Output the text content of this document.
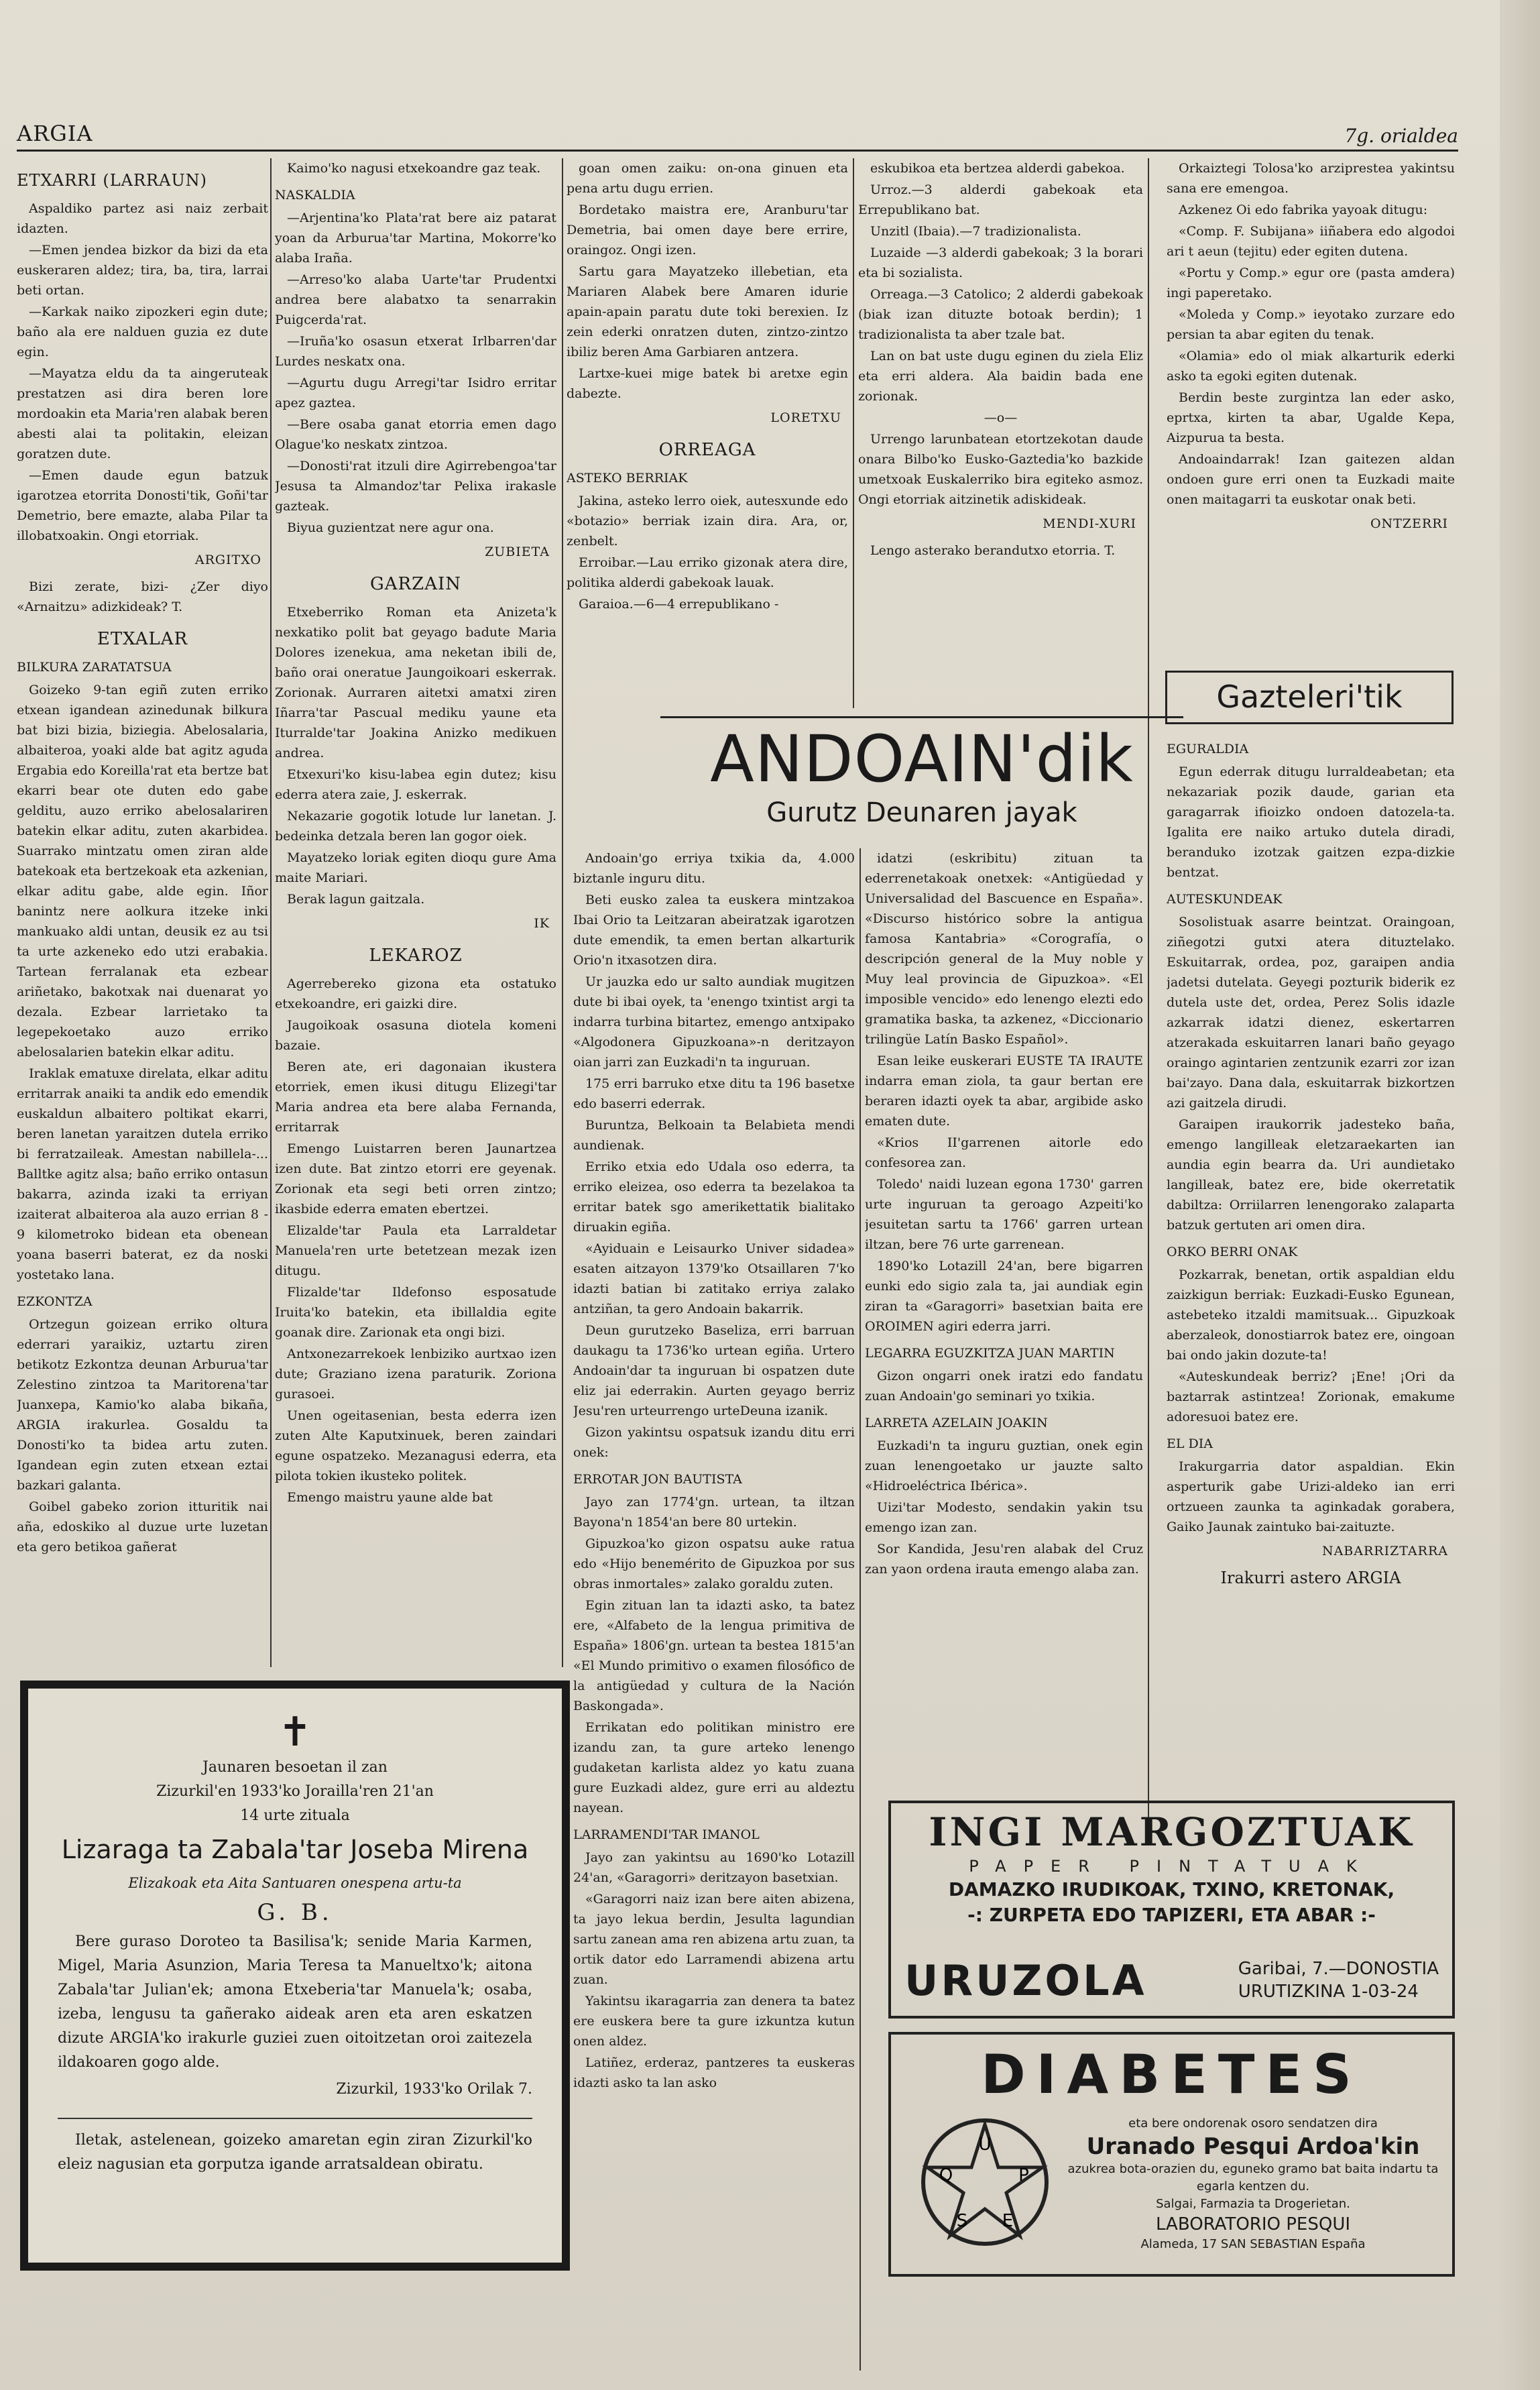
ARGIA	7g. orialdea

ETXARRI (LARRAUN)

Aspaldiko partez asi naiz zerbait idazten.

—Emen jendea bizkor da bizi da eta euskeraren aldez; tira, ba, tira, larrai beti ortan.

—Karkak naiko zipozkeri egin dute; baño ala ere nalduen guzia ez dute egin.

—Mayatza eldu da ta aingeruteak prestatzen asi dira beren lore mordoakin eta Maria'ren alabak beren abesti alai ta politakin, eleizan goratzen dute.

—Emen daude egun batzuk igarotzea etorrita Donosti'tik, Goñi'tar Demetrio, bere emazte, alaba Pilar ta illobatxoakin. Ongi etorriak.

ARGITXO

Bizi zerate, bizi- ¿Zer diyo «Arnaitzu» adizkideak? T.

ETXALAR

BILKURA ZARATATSUA

Goizeko 9-tan egiñ zuten erriko etxean igandean azinedunak bilkura bat bizi bizia, biziegia. Abelosalaria, albaiteroa, yoaki alde bat agitz aguda Ergabia edo Koreilla'rat eta bertze bat ekarri bear ote duten edo gabe gelditu, auzo erriko abelosalariren batekin elkar aditu, zuten akarbidea. Suarrako mintzatu omen ziran alde batekoak eta bertzekoak eta azkenian, elkar aditu gabe, alde egin. Iñor banintz nere aolkura itzeke inki mankuako aldi untan, deusik ez au tsi ta urte azkeneko edo utzi erabakia. Tartean ferralanak eta ezbear ariñetako, bakotxak nai duenarat yo dezala. Ezbear larrietako ta legepekoetako auzo erriko abelosalarien batekin elkar aditu.

Iraklak ematuxe direlata, elkar aditu erritarrak anaiki ta andik edo emendik euskaldun albaitero poltikat ekarri, beren lanetan yaraitzen dutela erriko bi ferratzaileak. Amestan nabillela-... Balltke agitz alsa; baño erriko ontasun bakarra, azinda izaki ta erriyan izaiterat albaiteroa ala auzo errian 8 - 9 kilometroko bidean eta obenean yoana baserri baterat, ez da noski yostetako lana.

EZKONTZA

Ortzegun goizean erriko oltura ederrari yaraikiz, uztartu ziren betikotz Ezkontza deunan Arburua'tar Zelestino zintzoa ta Maritorena'tar Juanxepa, Kamio'ko alaba bikaña, ARGIA irakurlea. Gosaldu ta Donosti'ko ta bidea artu zuten. Igandean egin zuten etxean eztai bazkari galanta.

Goibel gabeko zorion itturitik nai aña, edoskiko al duzue urte luzetan eta gero betikoa gañerat

Kaimo'ko nagusi etxekoandre gaz teak.

NASKALDIA

—Arjentina'ko Plata'rat bere aiz patarat yoan da Arburua'tar Martina, Mokorre'ko alaba Iraña.

—Arreso'ko alaba Uarte'tar Prudentxi andrea bere alabatxo ta senarrakin Puigcerda'rat.

—Iruña'ko osasun etxerat Irlbarren'dar Lurdes neskatx ona.

—Agurtu dugu Arregi'tar Isidro erritar apez gaztea.

—Bere osaba ganat etorria emen dago Olague'ko neskatx zintzoa.

—Donosti'rat itzuli dire Agirrebengoa'tar Jesusa ta Almandoz'tar Pelixa irakasle gazteak.

Biyua guzientzat nere agur ona.

ZUBIETA

GARZAIN

Etxeberriko Roman eta Anizeta'k nexkatiko polit bat geyago badute Maria Dolores izenekua, ama neketan ibili de, baño orai oneratue Jaungoikoari eskerrak. Zorionak. Aurraren aitetxi amatxi ziren Iñarra'tar Pascual mediku yaune eta Iturralde'tar Joakina Anizko medikuen andrea.

Etxexuri'ko kisu-labea egin dutez; kisu ederra atera zaie, J. eskerrak.

Nekazarie gogotik lotude lur lanetan. J. bedeinka detzala beren lan gogor oiek.

Mayatzeko loriak egiten dioqu gure Ama maite Mariari.

Berak lagun gaitzala.

IK

LEKAROZ

Agerrebereko gizona eta ostatuko etxekoandre, eri gaizki dire.

Jaugoikoak osasuna diotela komeni bazaie.

Beren ate, eri dagonaian ikustera etorriek, emen ikusi ditugu Elizegi'tar Maria andrea eta bere alaba Fernanda, erritarrak

Emengo Luistarren beren Jaunartzea izen dute. Bat zintzo etorri ere geyenak. Zorionak eta segi beti orren zintzo; ikasbide ederra ematen ebertzei.

Elizalde'tar Paula eta Larraldetar Manuela'ren urte betetzean mezak izen ditugu.

Flizalde'tar Ildefonso esposatude Iruita'ko batekin, eta ibillaldia egite goanak dire. Zarionak eta ongi bizi.

Antxonezarrekoek lenbiziko aurtxao izen dute; Graziano izena paraturik. Zoriona gurasoei.

Unen ogeitasenian, besta ederra izen zuten Alte Kaputxinuek, beren zaindari egune ospatzeko. Mezanagusi ederra, eta pilota tokien ikusteko politek.

Emengo maistru yaune alde bat

goan omen zaiku: on-ona ginuen eta pena artu dugu errien.

Bordetako maistra ere, Aranburu'tar Demetria, bai omen daye bere errire, oraingoz. Ongi izen.

Sartu gara Mayatzeko illebetian, eta Mariaren Alabek bere Amaren idurie apain-apain paratu dute toki berexien. Iz zein ederki onratzen duten, zintzo-zintzo ibiliz beren Ama Garbiaren antzera.

Lartxe-kuei mige batek bi aretxe egin dabezte.

LORETXU

ORREAGA

ASTEKO BERRIAK

Jakina, asteko lerro oiek, autesxunde edo «botazio» berriak izain dira. Ara, or, zenbelt.

Erroibar.—Lau erriko gizonak atera dire, politika alderdi gabekoak lauak.

Garaioa.—6—4 errepublikano -

eskubikoa eta bertzea alderdi gabekoa.

Urroz.—3 alderdi gabekoak eta Errepublikano bat.

Unzitl (Ibaia).—7 tradizionalista.

Luzaide —3 alderdi gabekoak; 3 la borari eta bi sozialista.

Orreaga.—3 Catolico; 2 alderdi gabekoak (biak izan dituzte botoak berdin); 1 tradizionalista ta aber tzale bat.

Lan on bat uste dugu eginen du ziela Eliz eta erri aldera. Ala baidin bada ene zorionak.

—o—

Urrengo larunbatean etortzekotan daude onara Bilbo'ko Eusko-Gaztedia'ko bazkide umetxoak Euskalerriko bira egiteko asmoz. Ongi etorriak aitzinetik adiskideak.

MENDI-XURI

Lengo asterako berandutxo etorria. T.

Orkaiztegi Tolosa'ko arziprestea yakintsu sana ere emengoa.

Azkenez Oi edo fabrika yayoak ditugu:

«Comp. F. Subijana» iiñabera edo algodoi ari t aeun (tejitu) eder egiten dutena.

«Portu y Comp.» egur ore (pasta amdera) ingi paperetako.

«Moleda y Comp.» ieyotako zurzare edo persian ta abar egiten du tenak.

«Olamia» edo ol miak alkarturik ederki asko ta egoki egiten dutenak.

Berdin beste zurgintza lan eder asko, eprtxa, kirten ta abar, Ugalde Kepa, Aizpurua ta besta.

Andoaindarrak! Izan gaitezen aldan ondoen gure erri onen ta Euzkadi maite onen maitagarri ta euskotar onak beti.

ONTZERRI

Gazteleri'tik

EGURALDIA

Egun ederrak ditugu lurraldeabetan; eta nekazariak pozik daude, garian eta garagarrak ifioizko ondoen datozela-ta. Igalita ere naiko artuko dutela diradi, beranduko izotzak gaitzen ezpa-dizkie bentzat.

AUTESKUNDEAK

Sosolistuak asarre beintzat. Oraingoan, ziñegotzi gutxi atera dituztelako. Eskuitarrak, ordea, poz, garaipen andia jadetsi dutelata. Geyegi pozturik biderik ez dutela uste det, ordea, Perez Solis idazle azkarrak idatzi dienez, eskertarren atzerakada eskuitarren lanari baño geyago oraingo agintarien zentzunik ezarri zor izan bai'zayo. Dana dala, eskuitarrak bizkortzen azi gaitzela dirudi.

Garaipen iraukorrik jadesteko baña, emengo langilleak eletzaraekarten ian aundia egin bearra da. Uri aundietako langilleak, batez ere, bide okerretatik dabiltza: Orriilarren lenengorako zalaparta batzuk gertuten ari omen dira.

ORKO BERRI ONAK

Pozkarrak, benetan, ortik aspaldian eldu zaizkigun berriak: Euzkadi-Eusko Egunean, astebeteko itzaldi mamitsuak... Gipuzkoak aberzaleok, donostiarrok batez ere, oingoan bai ondo jakin dozute-ta!

«Auteskundeak berriz? ¡Ene! ¡Ori da baztarrak astintzea! Zorionak, emakume adoresuoi batez ere.

EL DIA

Irakurgarria dator aspaldian. Ekin asperturik gabe Urizi-aldeko ian erri ortzueen zaunka ta aginkadak gorabera, Gaiko Jaunak zaintuko bai-zaituzte.

NABARRIZTARRA

Irakurri astero ARGIA

ANDOAIN'dik
Gurutz Deunaren jayak

Andoain'go erriya txikia da, 4.000 biztanle inguru ditu.

Beti eusko zalea ta euskera mintzakoa Ibai Orio ta Leitzaran abeiratzak igarotzen dute emendik, ta emen bertan alkarturik Orio'n itxasotzen dira.

Ur jauzka edo ur salto aundiak mugitzen dute bi ibai oyek, ta 'enengo txintist argi ta indarra turbina bitartez, emengo antxipako «Algodonera Gipuzkoana»-n deritzayon oian jarri zan Euzkadi'n ta inguruan.

175 erri barruko etxe ditu ta 196 basetxe edo baserri ederrak.

Buruntza, Belkoain ta Belabieta mendi aundienak.

Erriko etxia edo Udala oso ederra, ta erriko eleizea, oso ederra ta bezelakoa ta erritar batek sgo amerikettatik bialitako diruakin egiña.

«Ayiduain e Leisaurko Univer sidadea» esaten aitzayon 1379'ko Otsaillaren 7'ko idazti batian bi zatitako erriya zalako antziñan, ta gero Andoain bakarrik.

Deun gurutzeko Baseliza, erri barruan daukagu ta 1736'ko urtean egiña. Urtero Andoain'dar ta inguruan bi ospatzen dute eliz jai ederrakin. Aurten geyago berriz Jesu'ren urteurrengo urteDeuna izanik.

Gizon yakintsu ospatsuk izandu ditu erri onek:

ERROTAR JON BAUTISTA

Jayo zan 1774'gn. urtean, ta iltzan Bayona'n 1854'an bere 80 urtekin.

Gipuzkoa'ko gizon ospatsu auke ratua edo «Hijo benemérito de Gipuzkoa por sus obras inmortales» zalako goraldu zuten.

Egin zituan lan ta idazti asko, ta batez ere, «Alfabeto de la lengua primitiva de España» 1806'gn. urtean ta bestea 1815'an «El Mundo primitivo o examen filosófico de la antigüedad y cultura de la Nación Baskongada».

Errikatan edo politikan ministro ere izandu zan, ta gure arteko lenengo gudaketan karlista aldez yo katu zuana gure Euzkadi aldez, gure erri au aldeztu nayean.

LARRAMENDI'TAR IMANOL

Jayo zan yakintsu au 1690'ko Lotazill 24'an, «Garagorri» deritzayon basetxian.

«Garagorri naiz izan bere aiten abizena, ta jayo lekua berdin, Jesulta lagundian sartu zanean ama ren abizena artu zuan, ta ortik dator edo Larramendi abizena artu zuan.

Yakintsu ikaragarria zan denera ta batez ere euskera bere ta gure izkuntza kutun onen aldez.

Latiñez, erderaz, pantzeres ta euskeras idazti asko ta lan asko

idatzi (eskribitu) zituan ta ederrenetakoak onetxek: «Antigüedad y Universalidad del Bascuence en España». «Discurso histórico sobre la antigua famosa Kantabria» «Corografía, o descripción general de la Muy noble y Muy leal provincia de Gipuzkoa». «El imposible vencido» edo lenengo elezti edo gramatika baska, ta azkenez, «Diccionario trilingüe Latín Basko Español».

Esan leike euskerari EUSTE TA IRAUTE indarra eman ziola, ta gaur bertan ere beraren idazti oyek ta abar, argibide asko ematen dute.

«Krios II'garrenen aitorle edo confesorea zan.

Toledo' naidi luzean egona 1730' garren urte inguruan ta geroago Azpeiti'ko jesuitetan sartu ta 1766' garren urtean iltzan, bere 76 urte garrenean.

1890'ko Lotazill 24'an, bere bigarren eunki edo sigio zala ta, jai aundiak egin ziran ta «Garagorri» basetxian baita ere OROIMEN agiri ederra jarri.

LEGARRA EGUZKITZA JUAN MARTIN

Gizon ongarri onek iratzi edo fandatu zuan Andoain'go seminari yo txikia.

LARRETA AZELAIN JOAKIN

Euzkadi'n ta inguru guztian, onek egin zuan lenengoetako ur jauzte salto «Hidroeléctrica Ibérica».

Uizi'tar Modesto, sendakin yakin tsu emengo izan zan.

Sor Kandida, Jesu'ren alabak del Cruz zan yaon ordena irauta emengo alaba zan.

✝
Jaunaren besoetan il zan
Zizurkil'en 1933'ko Jorailla'ren 21'an
14 urte zituala
Lizaraga ta Zabala'tar Joseba Mirena
Elizakoak eta Aita Santuaren onespena artu-ta
G. B.
Bere guraso Doroteo ta Basilisa'k; senide Maria Karmen, Migel, Maria Asunzion, Maria Teresa ta Manueltxo'k; aitona Zabala'tar Julian'ek; amona Etxeberia'tar Manuela'k; osaba, izeba, lengusu ta gañerako aideak aren eta aren eskatzen dizute ARGIA'ko irakurle guziei zuen oitoitzetan oroi zaitezela ildakoaren gogo alde.
Zizurkil, 1933'ko Orilak 7.
Iletak, astelenean, goizeko amaretan egin ziran Zizurkil'ko eleiz nagusian eta gorputza igande arratsaldean obiratu.
INGI MARGOZTUAK
PAPER PINTATUAK
DAMAZKO IRUDIKOAK, TXINO, KRETONAK,
-: ZURPETA EDO TAPIZERI, ETA ABAR :-
URUZOLA	Garibai, 7.—DONOSTIA
URUTIZKINA 1-03-24
DIABETES
U
P
E
S
Q
eta bere ondorenak osoro sendatzen dira
Uranado Pesqui Ardoa'kin
azukrea bota-orazien du, eguneko gramo bat baita indartu ta egarla kentzen du.
Salgai, Farmazia ta Drogerietan.
LABORATORIO PESQUI
Alameda, 17 SAN SEBASTIAN España
